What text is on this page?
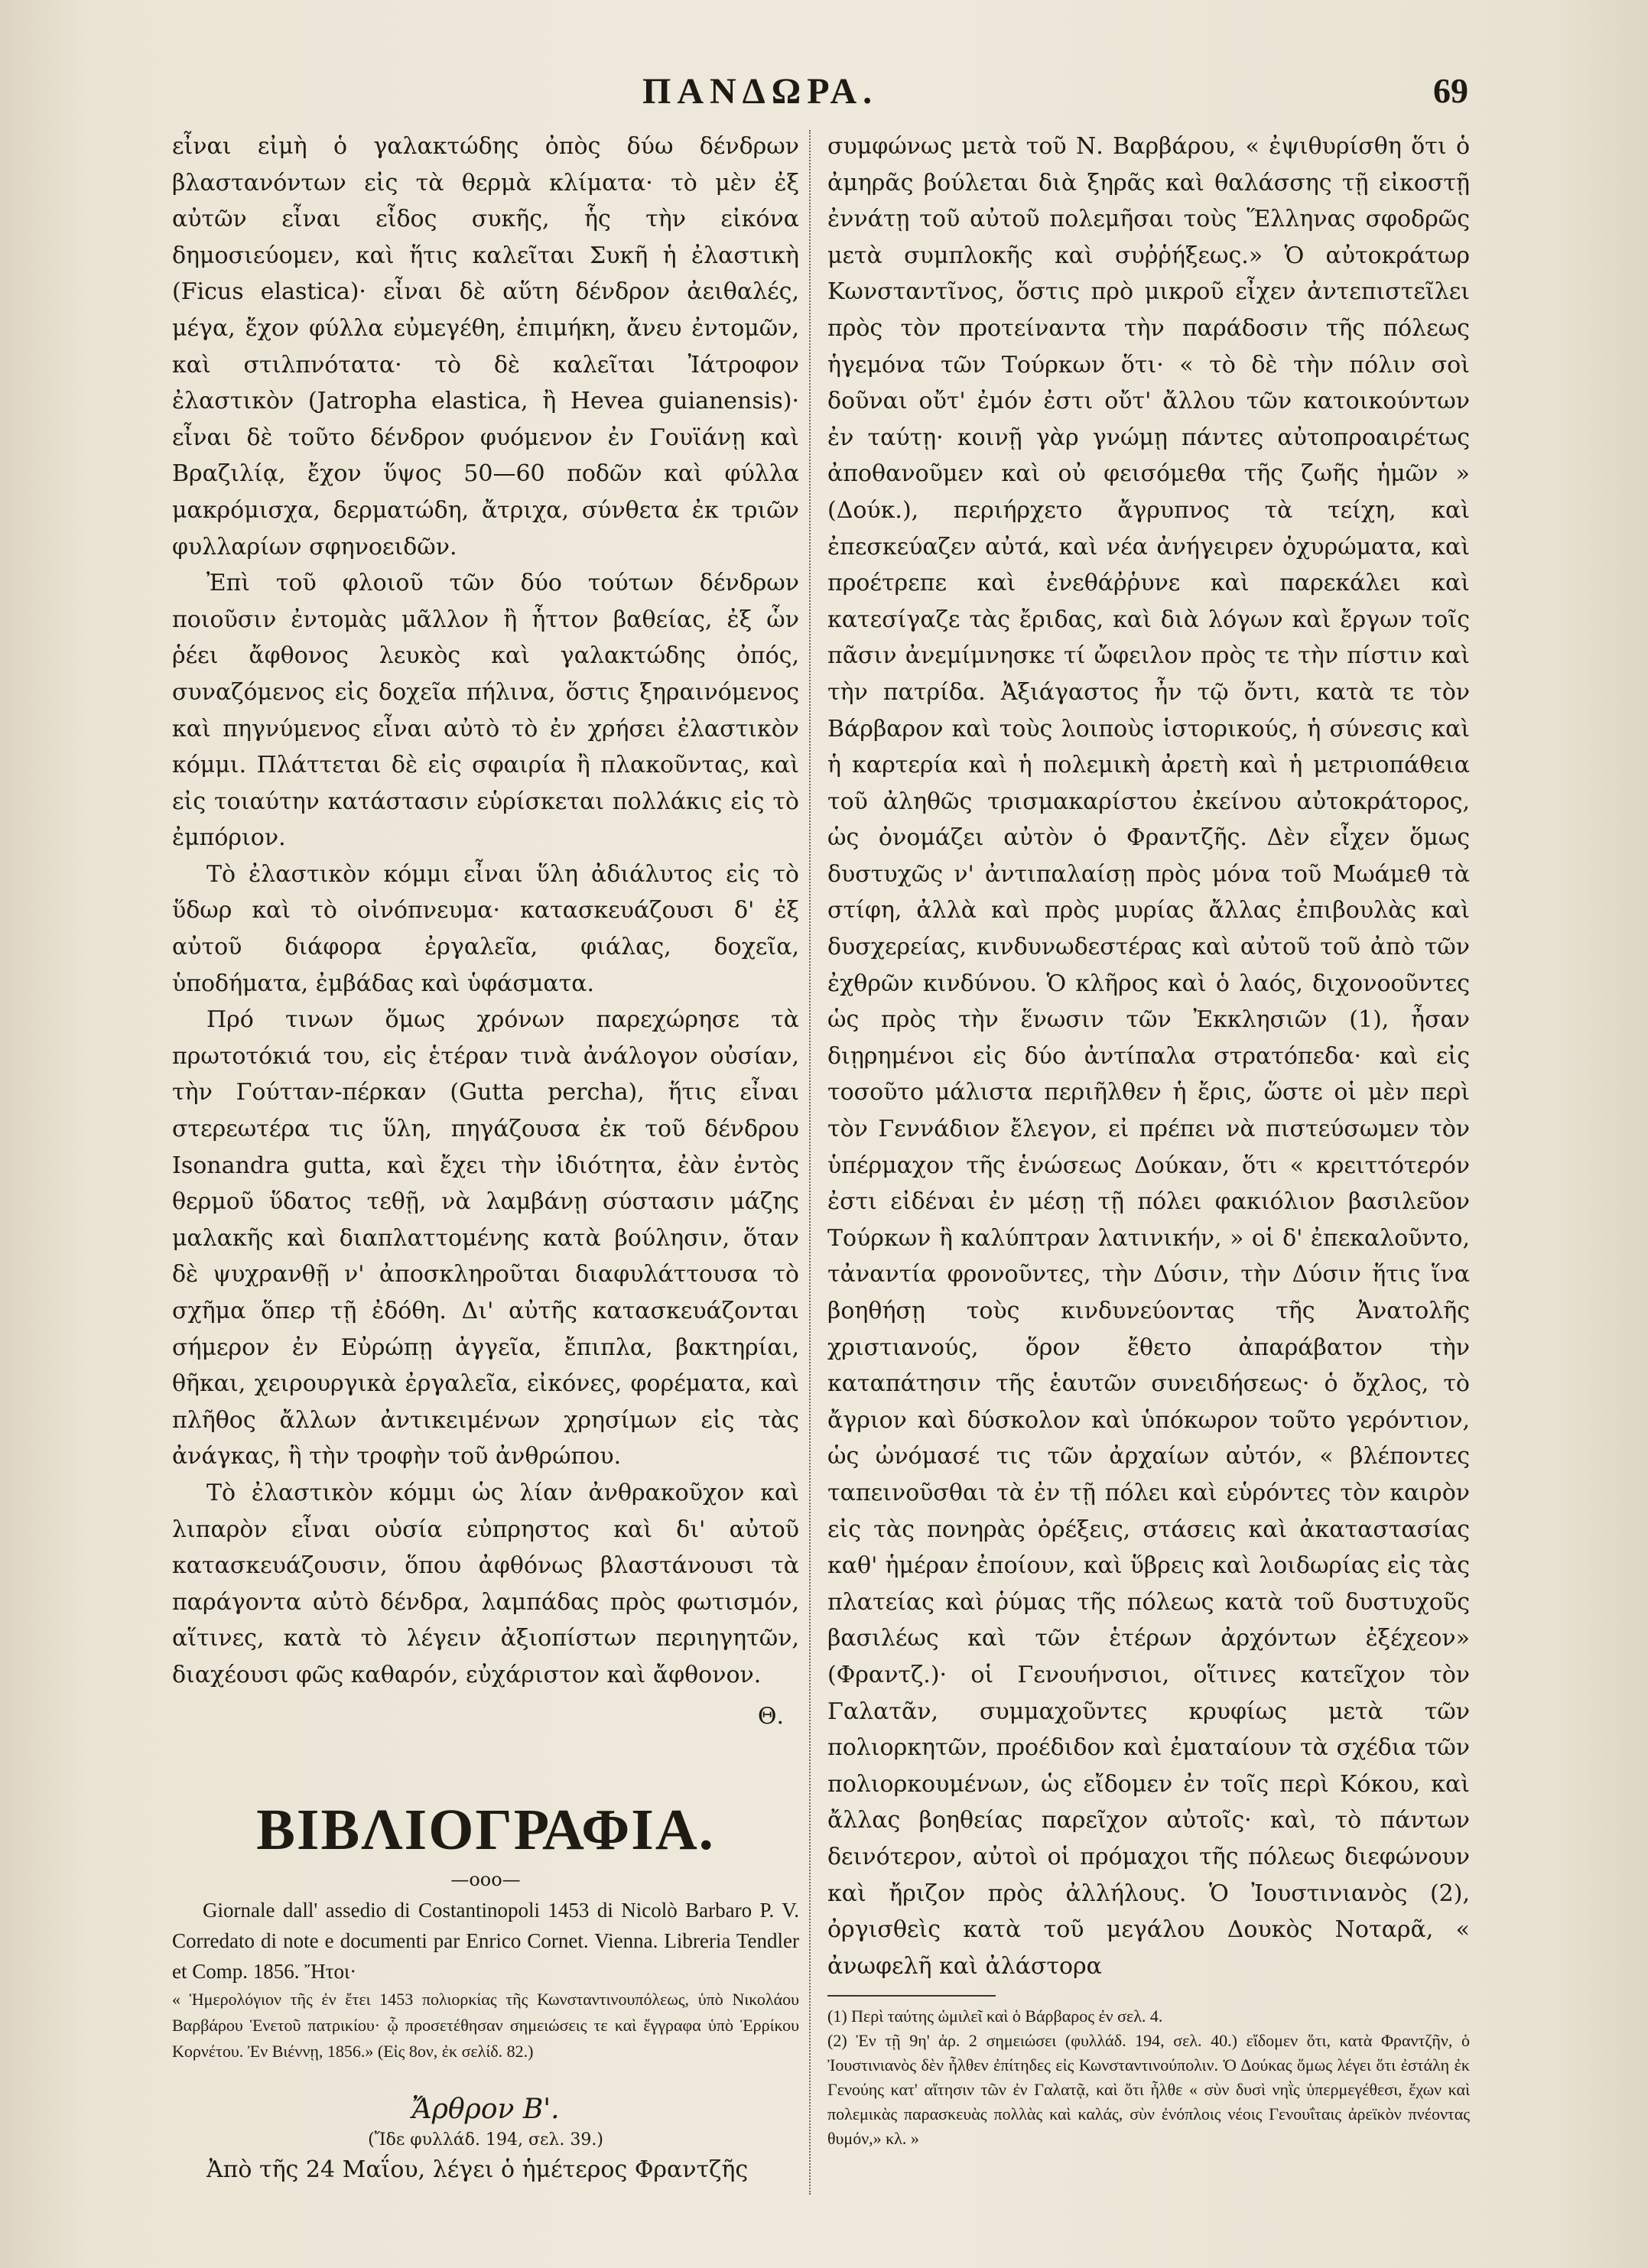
ΠΑΝΔΩΡΑ.	69

εἶναι εἰμὴ ὁ γαλακτώδης ὀπὸς δύω δένδρων βλαστανόντων εἰς τὰ θερμὰ κλίματα· τὸ μὲν ἐξ αὐτῶν εἶναι εἶδος συκῆς, ἧς τὴν εἰκόνα δημοσιεύομεν, καὶ ἥτις καλεῖται Συκῆ ἡ ἐλαστικὴ (Ficus elastica)· εἶναι δὲ αὕτη δένδρον ἀειθαλές, μέγα, ἔχον φύλλα εὐμεγέθη, ἐπιμήκη, ἄνευ ἐντομῶν, καὶ στιλπνότατα· τὸ δὲ καλεῖται Ἰάτροφον ἐλαστικὸν (Jatropha elastica, ἢ Hevea guianensis)· εἶναι δὲ τοῦτο δένδρον φυόμενον ἐν Γουϊάνῃ καὶ Βραζιλίᾳ, ἔχον ὕψος 50—60 ποδῶν καὶ φύλλα μακρόμισχα, δερματώδη, ἄτριχα, σύνθετα ἐκ τριῶν φυλλαρίων σφηνοειδῶν.

Ἐπὶ τοῦ φλοιοῦ τῶν δύο τούτων δένδρων ποιοῦσιν ἐντομὰς μᾶλλον ἢ ἧττον βαθείας, ἐξ ὧν ῥέει ἄφθονος λευκὸς καὶ γαλακτώδης ὀπός, συναζόμενος εἰς δοχεῖα πήλινα, ὅστις ξηραινόμενος καὶ πηγνύμενος εἶναι αὐτὸ τὸ ἐν χρήσει ἐλαστικὸν κόμμι. Πλάττεται δὲ εἰς σφαιρία ἢ πλακοῦντας, καὶ εἰς τοιαύτην κατάστασιν εὑρίσκεται πολλάκις εἰς τὸ ἐμπόριον.

Τὸ ἐλαστικὸν κόμμι εἶναι ὕλη ἀδιάλυτος εἰς τὸ ὕδωρ καὶ τὸ οἰνόπνευμα· κατασκευάζουσι δ' ἐξ αὐτοῦ διάφορα ἐργαλεῖα, φιάλας, δοχεῖα, ὑποδήματα, ἐμβάδας καὶ ὑφάσματα.

Πρό τινων ὅμως χρόνων παρεχώρησε τὰ πρωτοτόκιά του, εἰς ἑτέραν τινὰ ἀνάλογον οὐσίαν, τὴν Γούτταν-πέρκαν (Gutta percha), ἥτις εἶναι στερεωτέρα τις ὕλη, πηγάζουσα ἐκ τοῦ δένδρου Isonandra gutta, καὶ ἔχει τὴν ἰδιότητα, ἐὰν ἐντὸς θερμοῦ ὕδατος τεθῇ, νὰ λαμβάνῃ σύστασιν μάζης μαλακῆς καὶ διαπλαττομένης κατὰ βούλησιν, ὅταν δὲ ψυχρανθῇ ν' ἀποσκληροῦται διαφυλάττουσα τὸ σχῆμα ὅπερ τῇ ἐδόθη. Δι' αὐτῆς κατασκευάζονται σήμερον ἐν Εὐρώπῃ ἀγγεῖα, ἔπιπλα, βακτηρίαι, θῆκαι, χειρουργικὰ ἐργαλεῖα, εἰκόνες, φορέματα, καὶ πλῆθος ἄλλων ἀντικειμένων χρησίμων εἰς τὰς ἀνάγκας, ἢ τὴν τροφὴν τοῦ ἀνθρώπου.

Τὸ ἐλαστικὸν κόμμι ὡς λίαν ἀνθρακοῦχον καὶ λιπαρὸν εἶναι οὐσία εὐπρηστος καὶ δι' αὐτοῦ κατασκευάζουσιν, ὅπου ἀφθόνως βλαστάνουσι τὰ παράγοντα αὐτὸ δένδρα, λαμπάδας πρὸς φωτισμόν, αἵτινες, κατὰ τὸ λέγειν ἀξιοπίστων περιηγητῶν, διαχέουσι φῶς καθαρόν, εὐχάριστον καὶ ἄφθονον.

Θ.

ΒΙΒΛΙΟΓΡΑΦΙΑ.

—ooo—

Giornale dall' assedio di Costantinopoli 1453 di Nicolò Barbaro P. V. Corredato di note e documenti par Enrico Cornet. Vienna. Libreria Tendler et Comp. 1856. Ἤτοι·

« Ἡμερολόγιον τῆς ἐν ἔτει 1453 πολιορκίας τῆς Κωνσταντινουπόλεως, ὑπὸ Νικολάου Βαρβάρου Ἑνετοῦ πατρικίου· ᾧ προσετέθησαν σημειώσεις τε καὶ ἔγγραφα ὑπὸ Ἑρρίκου Κορνέτου. Ἐν Βιέννῃ, 1856.» (Εἰς 8ον, ἐκ σελίδ. 82.)

Ἄρθρον Β'.

(Ἴδε φυλλάδ. 194, σελ. 39.)

Ἀπὸ τῆς 24 Μαΐου, λέγει ὁ ἡμέτερος Φραντζῆς

συμφώνως μετὰ τοῦ Ν. Βαρβάρου, « ἐψιθυρίσθη ὅτι ὁ ἀμηρᾶς βούλεται διὰ ξηρᾶς καὶ θαλάσσης τῇ εἰκοστῇ ἐννάτῃ τοῦ αὐτοῦ πολεμῆσαι τοὺς Ἕλληνας σφοδρῶς μετὰ συμπλοκῆς καὶ συῤῥήξεως.» Ὁ αὐτοκράτωρ Κωνσταντῖνος, ὅστις πρὸ μικροῦ εἶχεν ἀντεπιστεῖλει πρὸς τὸν προτείναντα τὴν παράδοσιν τῆς πόλεως ἡγεμόνα τῶν Τούρκων ὅτι· « τὸ δὲ τὴν πόλιν σοὶ δοῦναι οὔτ' ἐμόν ἐστι οὔτ' ἄλλου τῶν κατοικούντων ἐν ταύτῃ· κοινῇ γὰρ γνώμῃ πάντες αὐτοπροαιρέτως ἀποθανοῦμεν καὶ οὐ φεισόμεθα τῆς ζωῆς ἡμῶν » (Δούκ.), περιήρχετο ἄγρυπνος τὰ τείχη, καὶ ἐπεσκεύαζεν αὐτά, καὶ νέα ἀνήγειρεν ὀχυρώματα, καὶ προέτρεπε καὶ ἐνεθάῤῥυνε καὶ παρεκάλει καὶ κατεσίγαζε τὰς ἔριδας, καὶ διὰ λόγων καὶ ἔργων τοῖς πᾶσιν ἀνεμίμνησκε τί ὤφειλον πρὸς τε τὴν πίστιν καὶ τὴν πατρίδα. Ἀξιάγαστος ἦν τῷ ὄντι, κατὰ τε τὸν Βάρβαρον καὶ τοὺς λοιποὺς ἱστορικούς, ἡ σύνεσις καὶ ἡ καρτερία καὶ ἡ πολεμικὴ ἀρετὴ καὶ ἡ μετριοπάθεια τοῦ ἀληθῶς τρισμακαρίστου ἐκείνου αὐτοκράτορος, ὡς ὀνομάζει αὐτὸν ὁ Φραντζῆς. Δὲν εἶχεν ὅμως δυστυχῶς ν' ἀντιπαλαίσῃ πρὸς μόνα τοῦ Μωάμεθ τὰ στίφη, ἀλλὰ καὶ πρὸς μυρίας ἄλλας ἐπιβουλὰς καὶ δυσχερείας, κινδυνωδεστέρας καὶ αὐτοῦ τοῦ ἀπὸ τῶν ἐχθρῶν κινδύνου. Ὁ κλῆρος καὶ ὁ λαός, διχονοοῦντες ὡς πρὸς τὴν ἕνωσιν τῶν Ἐκκλησιῶν (1), ἦσαν διῃρημένοι εἰς δύο ἀντίπαλα στρατόπεδα· καὶ εἰς τοσοῦτο μάλιστα περιῆλθεν ἡ ἔρις, ὥστε οἱ μὲν περὶ τὸν Γεννάδιον ἔλεγον, εἰ πρέπει νὰ πιστεύσωμεν τὸν ὑπέρμαχον τῆς ἑνώσεως Δούκαν, ὅτι « κρειττότερόν ἐστι εἰδέναι ἐν μέσῃ τῇ πόλει φακιόλιον βασιλεῦον Τούρκων ἢ καλύπτραν λατινικήν, » οἱ δ' ἐπεκαλοῦντο, τἀναντία φρονοῦντες, τὴν Δύσιν, τὴν Δύσιν ἥτις ἵνα βοηθήσῃ τοὺς κινδυνεύοντας τῆς Ἀνατολῆς χριστιανούς, ὅρον ἔθετο ἀπαράβατον τὴν καταπάτησιν τῆς ἑαυτῶν συνειδήσεως· ὁ ὄχλος, τὸ ἄγριον καὶ δύσκολον καὶ ὑπόκωρον τοῦτο γερόντιον, ὡς ὠνόμασέ τις τῶν ἀρχαίων αὐτόν, « βλέποντες ταπεινοῦσθαι τὰ ἐν τῇ πόλει καὶ εὑρόντες τὸν καιρὸν εἰς τὰς πονηρὰς ὀρέξεις, στάσεις καὶ ἀκαταστασίας καθ' ἡμέραν ἐποίουν, καὶ ὕβρεις καὶ λοιδωρίας εἰς τὰς πλατείας καὶ ῥύμας τῆς πόλεως κατὰ τοῦ δυστυχοῦς βασιλέως καὶ τῶν ἑτέρων ἀρχόντων ἐξέχεον» (Φραντζ.)· οἱ Γενουήνσιοι, οἵτινες κατεῖχον τὸν Γαλατᾶν, συμμαχοῦντες κρυφίως μετὰ τῶν πολιορκητῶν, προέδιδον καὶ ἐματαίουν τὰ σχέδια τῶν πολιορκουμένων, ὡς εἴδομεν ἐν τοῖς περὶ Κόκου, καὶ ἄλλας βοηθείας παρεῖχον αὐτοῖς· καὶ, τὸ πάντων δεινότερον, αὐτοὶ οἱ πρόμαχοι τῆς πόλεως διεφώνουν καὶ ἤριζον πρὸς ἀλλήλους. Ὁ Ἰουστινιανὸς (2), ὀργισθεὶς κατὰ τοῦ μεγάλου Δουκὸς Νοταρᾶ, « ἀνωφελῆ καὶ ἀλάστορα

(1) Περὶ ταύτης ὡμιλεῖ καὶ ὁ Βάρβαρος ἐν σελ. 4.

(2) Ἐν τῇ 9η' ἀρ. 2 σημειώσει (φυλλάδ. 194, σελ. 40.) εἴδομεν ὅτι, κατὰ Φραντζῆν, ὁ Ἰουστινιανὸς δὲν ἦλθεν ἐπίτηδες εἰς Κωνσταντινούπολιν. Ὁ Δούκας ὅμως λέγει ὅτι ἐστάλη ἐκ Γενούης κατ' αἴτησιν τῶν ἐν Γαλατᾷ, καὶ ὅτι ἦλθε « σὺν δυσὶ νηῒς ὑπερμεγέθεσι, ἔχων καὶ πολεμικὰς παρασκευὰς πολλὰς καὶ καλάς, σὺν ἐνόπλοις νέοις Γενουΐταις ἀρεϊκὸν πνέοντας θυμόν,» κλ. »
